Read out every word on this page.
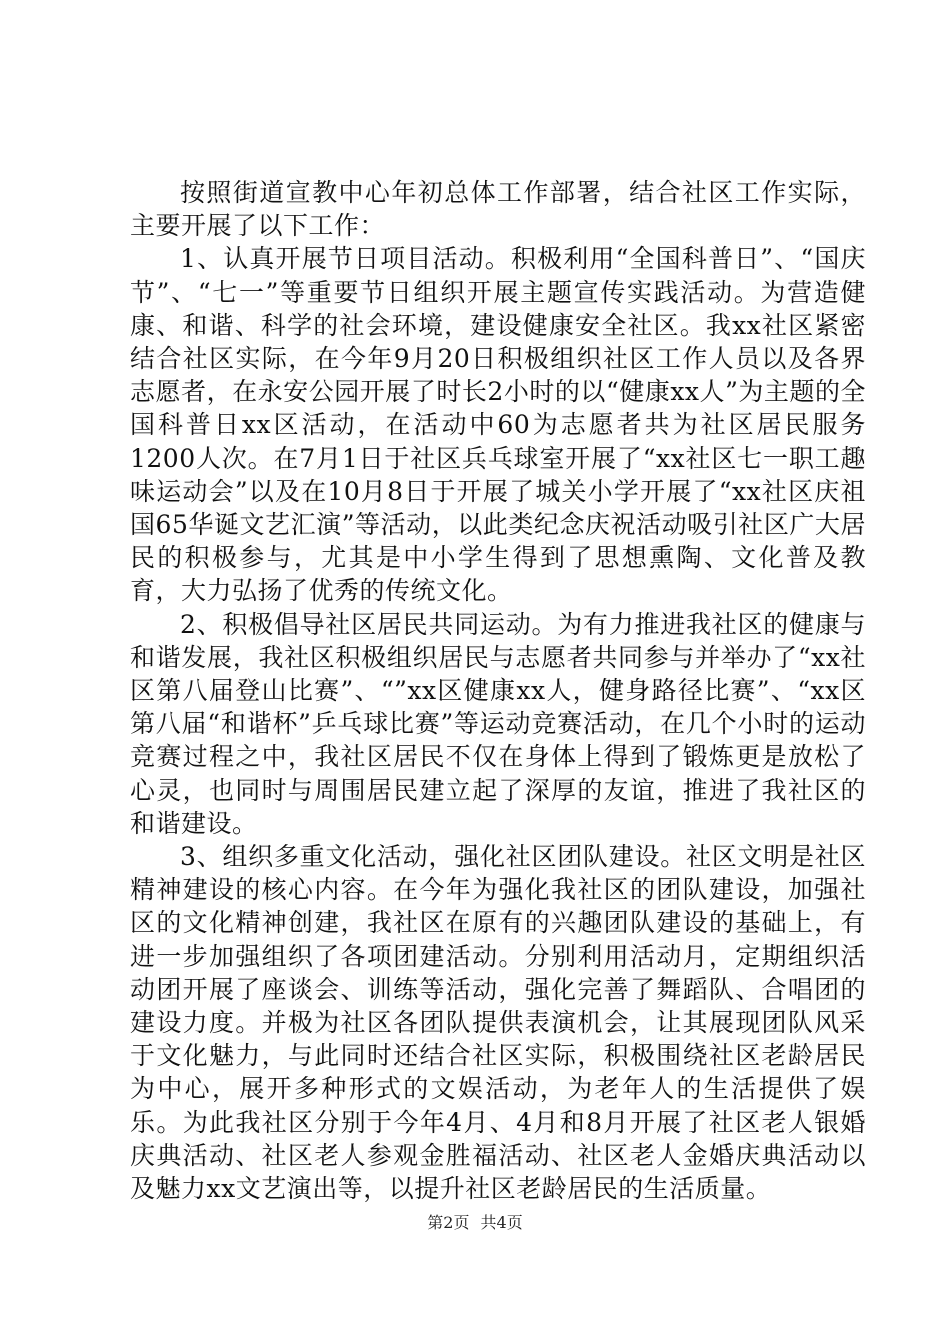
按照街道宣教中心年初总体工作部署，结合社区工作实际，主要开展了以下工作：

1、认真开展节日项目活动。积极利用“全国科普日”、“国庆节”、“七一”等重要节日组织开展主题宣传实践活动。为营造健康、和谐、科学的社会环境，建设健康安全社区。我xx社区紧密结合社区实际，在今年9月20日积极组织社区工作人员以及各界志愿者，在永安公园开展了时长2小时的以“健康xx人”为主题的全国科普日xx区活动，在活动中60为志愿者共为社区居民服务1200人次。在7月1日于社区兵乓球室开展了“xx社区七一职工趣味运动会”以及在10月8日于开展了城关小学开展了“xx社区庆祖国65华诞文艺汇演”等活动，以此类纪念庆祝活动吸引社区广大居民的积极参与，尤其是中小学生得到了思想熏陶、文化普及教育，大力弘扬了优秀的传统文化。

2、积极倡导社区居民共同运动。为有力推进我社区的健康与和谐发展，我社区积极组织居民与志愿者共同参与并举办了“xx社区第八届登山比赛”、“”xx区健康xx人，健身路径比赛”、“xx区第八届“和谐杯”乒乓球比赛”等运动竞赛活动，在几个小时的运动竞赛过程之中，我社区居民不仅在身体上得到了锻炼更是放松了心灵，也同时与周围居民建立起了深厚的友谊，推进了我社区的和谐建设。

3、组织多重文化活动，强化社区团队建设。社区文明是社区精神建设的核心内容。在今年为强化我社区的团队建设，加强社区的文化精神创建，我社区在原有的兴趣团队建设的基础上，有进一步加强组织了各项团建活动。分别利用活动月，定期组织活动团开展了座谈会、训练等活动，强化完善了舞蹈队、合唱团的建设力度。并极为社区各团队提供表演机会，让其展现团队风采于文化魅力，与此同时还结合社区实际，积极围绕社区老龄居民为中心，展开多种形式的文娱活动，为老年人的生活提供了娱乐。为此我社区分别于今年4月、4月和8月开展了社区老人银婚庆典活动、社区老人参观金胜福活动、社区老人金婚庆典活动以及魅力xx文艺演出等，以提升社区老龄居民的生活质量。

第2页 共4页
